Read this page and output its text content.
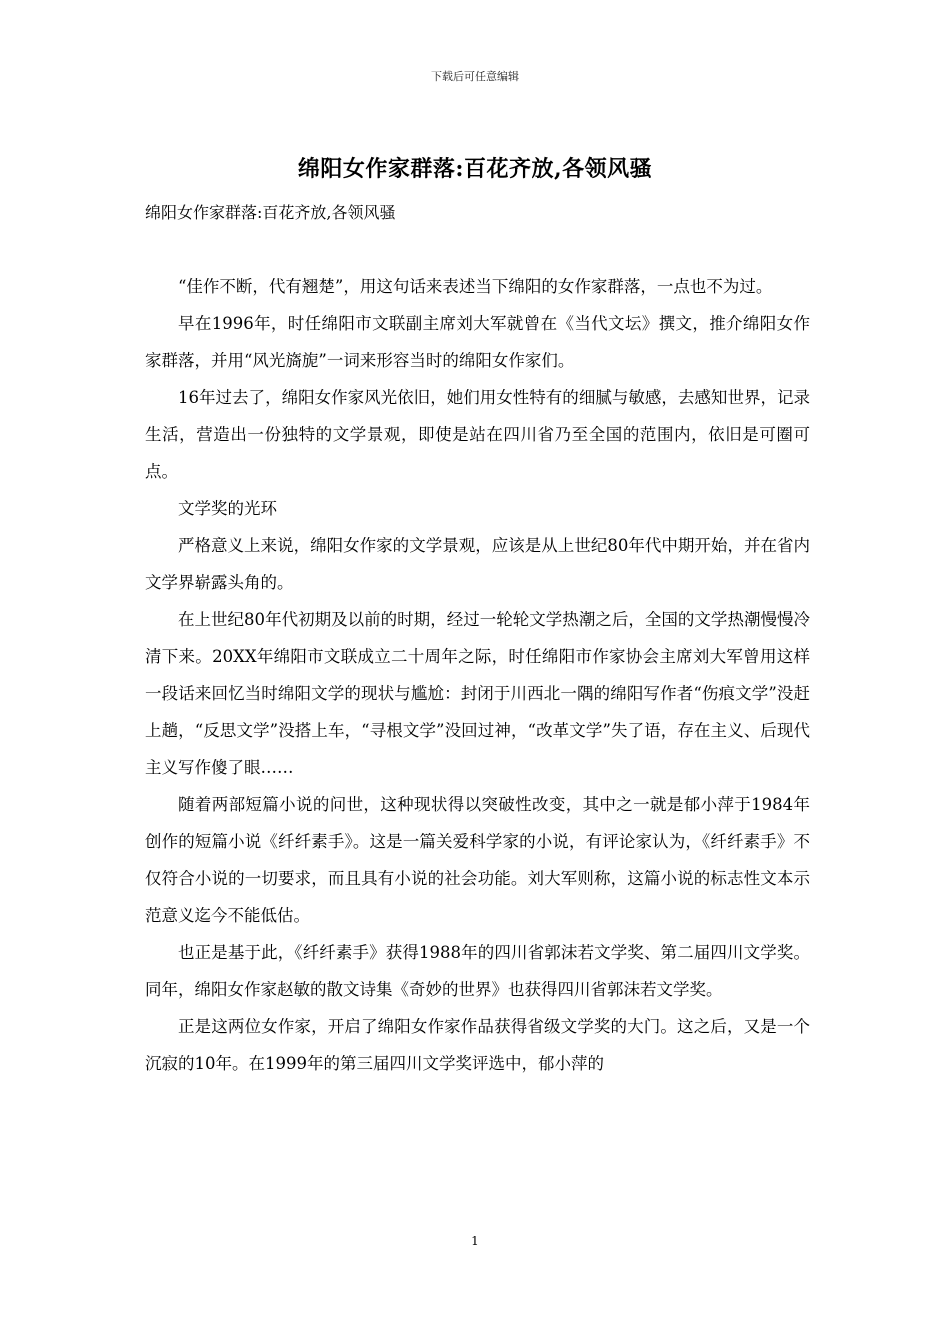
下载后可任意编辑
绵阳女作家群落:百花齐放,各领风骚
绵阳女作家群落:百花齐放,各领风骚

“佳作不断，代有翘楚”，用这句话来表述当下绵阳的女作家群落，一点也不为过。

早在1996年，时任绵阳市文联副主席刘大军就曾在《当代文坛》撰文，推介绵阳女作家群落，并用“风光旖旎”一词来形容当时的绵阳女作家们。

16年过去了，绵阳女作家风光依旧，她们用女性特有的细腻与敏感，去感知世界，记录生活，营造出一份独特的文学景观，即使是站在四川省乃至全国的范围内，依旧是可圈可点。

文学奖的光环

严格意义上来说，绵阳女作家的文学景观，应该是从上世纪80年代中期开始，并在省内文学界崭露头角的。

在上世纪80年代初期及以前的时期，经过一轮轮文学热潮之后，全国的文学热潮慢慢冷清下来。20XX年绵阳市文联成立二十周年之际，时任绵阳市作家协会主席刘大军曾用这样一段话来回忆当时绵阳文学的现状与尴尬：封闭于川西北一隅的绵阳写作者“伤痕文学”没赶上趟，“反思文学”没搭上车，“寻根文学”没回过神，“改革文学”失了语，存在主义、后现代主义写作傻了眼……

随着两部短篇小说的问世，这种现状得以突破性改变，其中之一就是郁小萍于1984年创作的短篇小说《纤纤素手》。这是一篇关爱科学家的小说，有评论家认为，《纤纤素手》不仅符合小说的一切要求，而且具有小说的社会功能。刘大军则称，这篇小说的标志性文本示范意义迄今不能低估。

也正是基于此，《纤纤素手》获得1988年的四川省郭沫若文学奖、第二届四川文学奖。同年，绵阳女作家赵敏的散文诗集《奇妙的世界》也获得四川省郭沫若文学奖。

正是这两位女作家，开启了绵阳女作家作品获得省级文学奖的大门。这之后，又是一个沉寂的10年。在1999年的第三届四川文学奖评选中，郁小萍的

1
